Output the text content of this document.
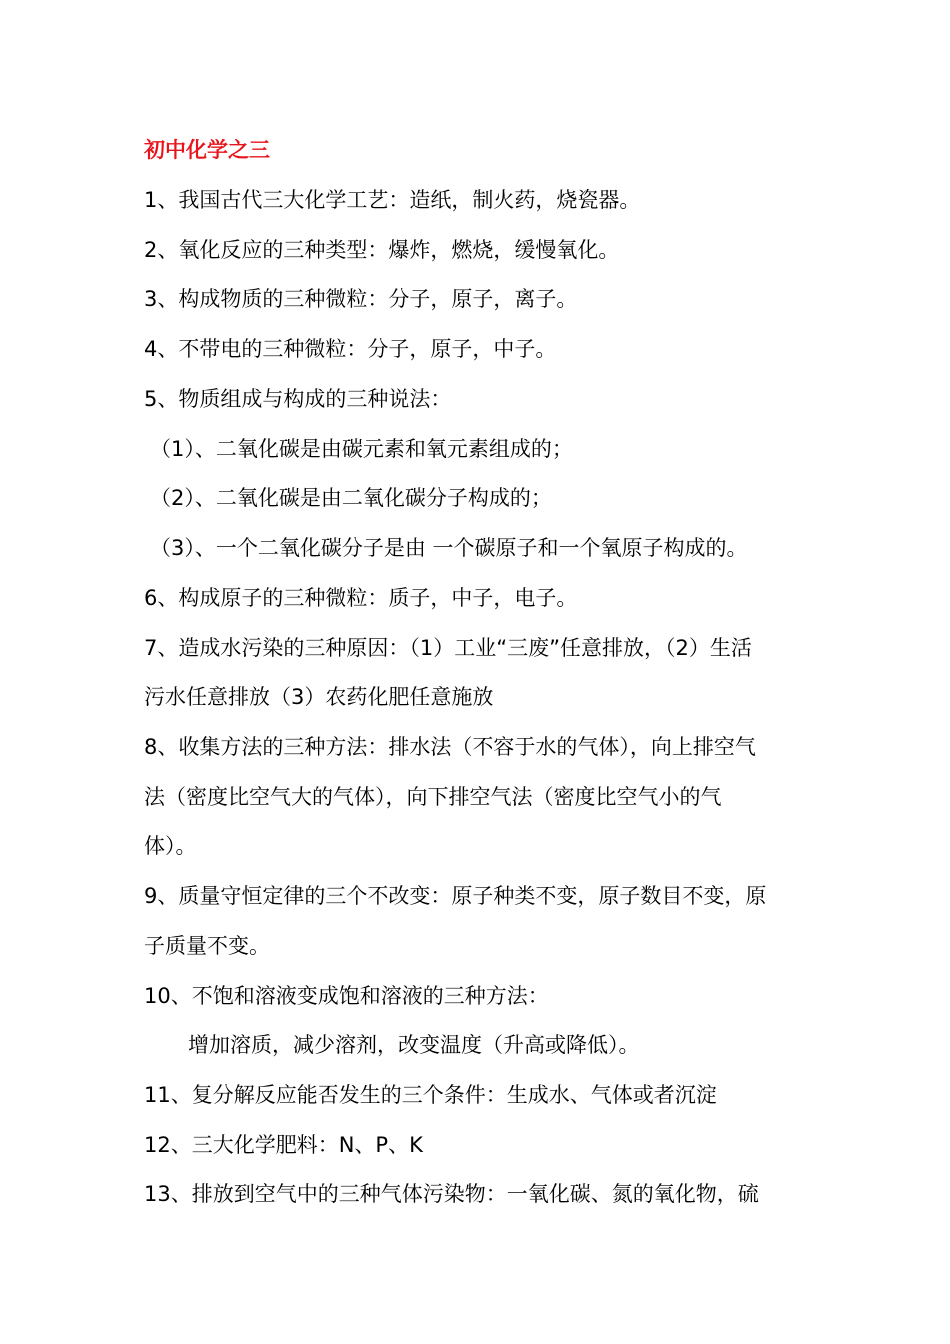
初中化学之三
1、我国古代三大化学工艺：造纸，制火药，烧瓷器。
2、氧化反应的三种类型：爆炸，燃烧，缓慢氧化。
3、构成物质的三种微粒：分子，原子，离子。
4、不带电的三种微粒：分子，原子，中子。
5、物质组成与构成的三种说法：
（1）、二氧化碳是由碳元素和氧元素组成的；
（2）、二氧化碳是由二氧化碳分子构成的；
（3）、一个二氧化碳分子是由 一个碳原子和一个氧原子构成的。
6、构成原子的三种微粒：质子，中子，电子。
7、造成水污染的三种原因：（1）工业“三废”任意排放，（2）生活
污水任意排放（3）农药化肥任意施放
8、收集方法的三种方法：排水法（不容于水的气体），向上排空气
法（密度比空气大的气体），向下排空气法（密度比空气小的气
体）。
9、质量守恒定律的三个不改变：原子种类不变，原子数目不变，原
子质量不变。
10、不饱和溶液变成饱和溶液的三种方法：
增加溶质，减少溶剂，改变温度（升高或降低）。
11、复分解反应能否发生的三个条件：生成水、气体或者沉淀
12、三大化学肥料：N、P、K
13、排放到空气中的三种气体污染物：一氧化碳、氮的氧化物，硫
